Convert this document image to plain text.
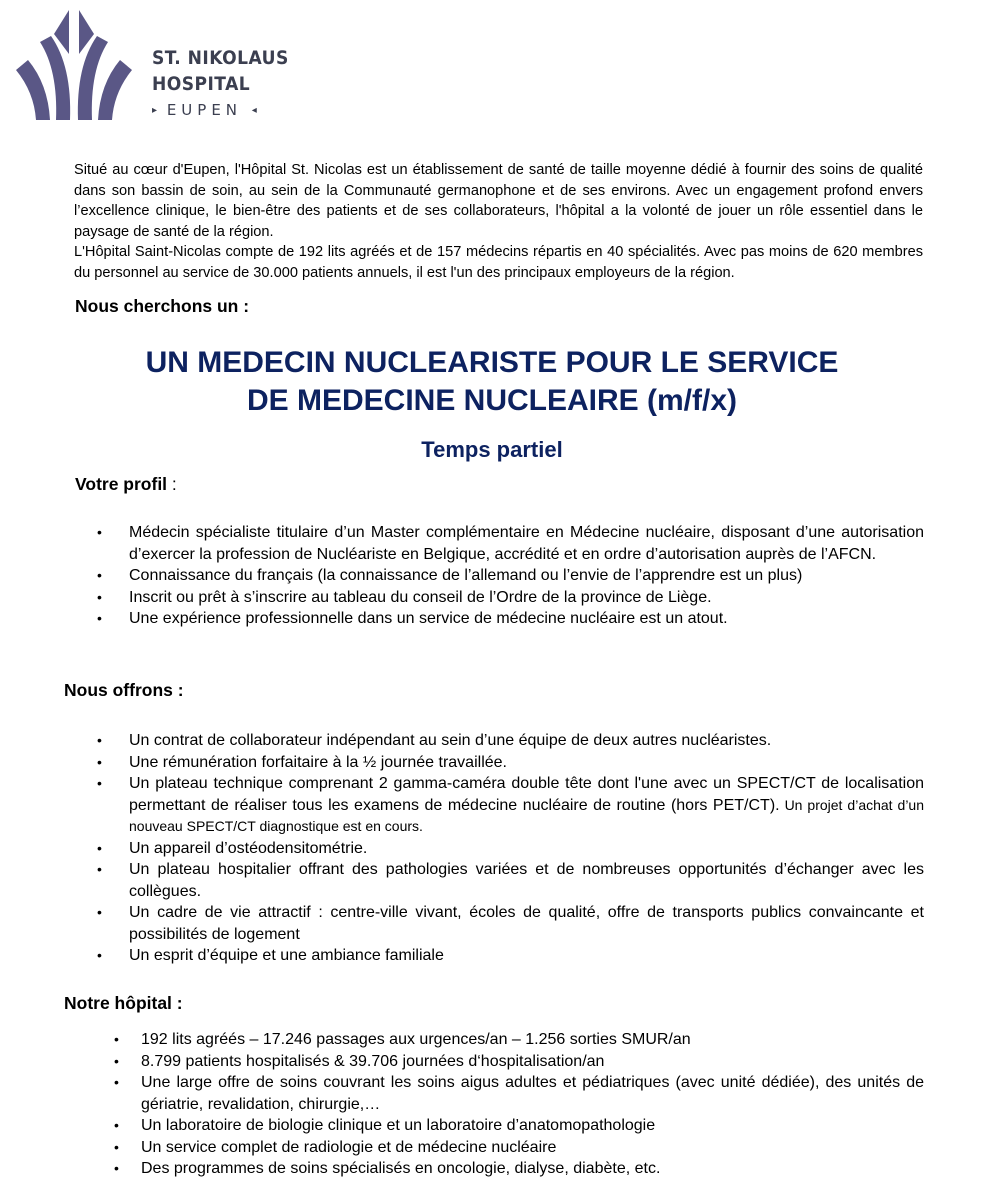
ST. NIKOLAUS
HOSPITAL
▸ EUPEN ◂

Situé au cœur d'Eupen, l'Hôpital St. Nicolas est un établissement de santé de taille moyenne dédié à fournir des soins de qualité dans son bassin de soin, au sein de la Communauté germanophone et de ses environs. Avec un engagement profond envers l’excellence clinique, le bien-être des patients et de ses collaborateurs, l'hôpital a la volonté de jouer un rôle essentiel dans le paysage de santé de la région.

L'Hôpital Saint-Nicolas compte de 192 lits agréés et de 157 médecins répartis en 40 spécialités. Avec pas moins de 620 membres du personnel au service de 30.000 patients annuels, il est l'un des principaux employeurs de la région.

Nous cherchons un :
UN MEDECIN NUCLEARISTE POUR LE SERVICE
DE MEDECINE NUCLEAIRE (m/f/x)
Temps partiel
Votre profil :
• Médecin spécialiste titulaire d’un Master complémentaire en Médecine nucléaire, disposant d’une autorisation d’exercer la profession de Nucléariste en Belgique, accrédité et en ordre d’autorisation auprès de l’AFCN.
• Connaissance du français (la connaissance de l’allemand ou l’envie de l’apprendre est un plus)
• Inscrit ou prêt à s’inscrire au tableau du conseil de l’Ordre de la province de Liège.
• Une expérience professionnelle dans un service de médecine nucléaire est un atout.
Nous offrons :
• Un contrat de collaborateur indépendant au sein d’une équipe de deux autres nucléaristes.
• Une rémunération forfaitaire à la ½ journée travaillée.
• Un plateau technique comprenant 2 gamma-caméra double tête dont l'une avec un SPECT/CT de localisation permettant de réaliser tous les examens de médecine nucléaire de routine (hors PET/CT). Un projet d’achat d’un nouveau SPECT/CT diagnostique est en cours.
• Un appareil d’ostéodensitométrie.
• Un plateau hospitalier offrant des pathologies variées et de nombreuses opportunités d’échanger avec les collègues.
• Un cadre de vie attractif : centre-ville vivant, écoles de qualité, offre de transports publics convaincante et possibilités de logement
• Un esprit d’équipe et une ambiance familiale
Notre hôpital :
• 192 lits agréés – 17.246 passages aux urgences/an – 1.256 sorties SMUR/an
• 8.799 patients hospitalisés & 39.706 journées d‘hospitalisation/an
• Une large offre de soins couvrant les soins aigus adultes et pédiatriques (avec unité dédiée), des unités de gériatrie, revalidation, chirurgie,…
• Un laboratoire de biologie clinique et un laboratoire d’anatomopathologie
• Un service complet de radiologie et de médecine nucléaire
• Des programmes de soins spécialisés en oncologie, dialyse, diabète, etc.
